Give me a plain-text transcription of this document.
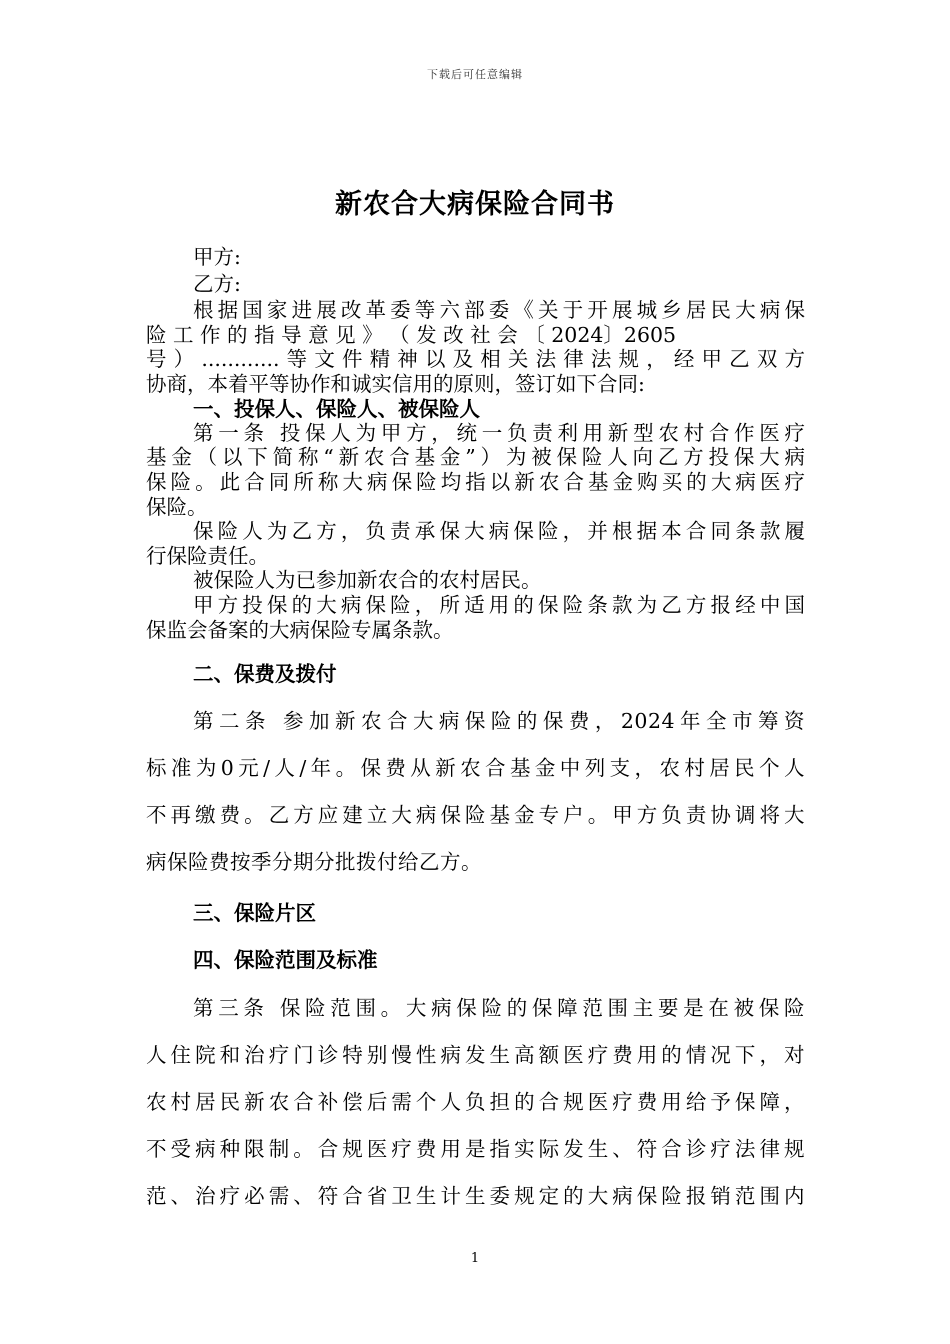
下载后可任意编辑
新农合大病保险合同书
甲方:
乙方:
根据国家进展改革委等六部委《关于开展城乡居民大病保
险 工 作 的 指 导 意 见 》 （ 发 改 社 会 〔 2024〕2605
号）............等文件精神以及相关法律法规，经甲乙双方
协商，本着平等协作和诚实信用的原则，签订如下合同:
一、投保人、保险人、被保险人
第一条 投保人为甲方，统一负责利用新型农村合作医疗
基金（以下简称“新农合基金”）为被保险人向乙方投保大病
保险。此合同所称大病保险均指以新农合基金购买的大病医疗
保险。
保险人为乙方，负责承保大病保险，并根据本合同条款履
行保险责任。
被保险人为已参加新农合的农村居民。
甲方投保的大病保险，所适用的保险条款为乙方报经中国
保监会备案的大病保险专属条款。
二、保费及拨付
第二条 参加新农合大病保险的保费，2024年全市筹资
标准为0元/人/年。保费从新农合基金中列支，农村居民个人
不再缴费。乙方应建立大病保险基金专户。甲方负责协调将大
病保险费按季分期分批拨付给乙方。
三、保险片区
四、保险范围及标准
第三条 保险范围。大病保险的保障范围主要是在被保险
人住院和治疗门诊特别慢性病发生高额医疗费用的情况下，对
农村居民新农合补偿后需个人负担的合规医疗费用给予保障，
不受病种限制。合规医疗费用是指实际发生、符合诊疗法律规
范、治疗必需、符合省卫生计生委规定的大病保险报销范围内
1
